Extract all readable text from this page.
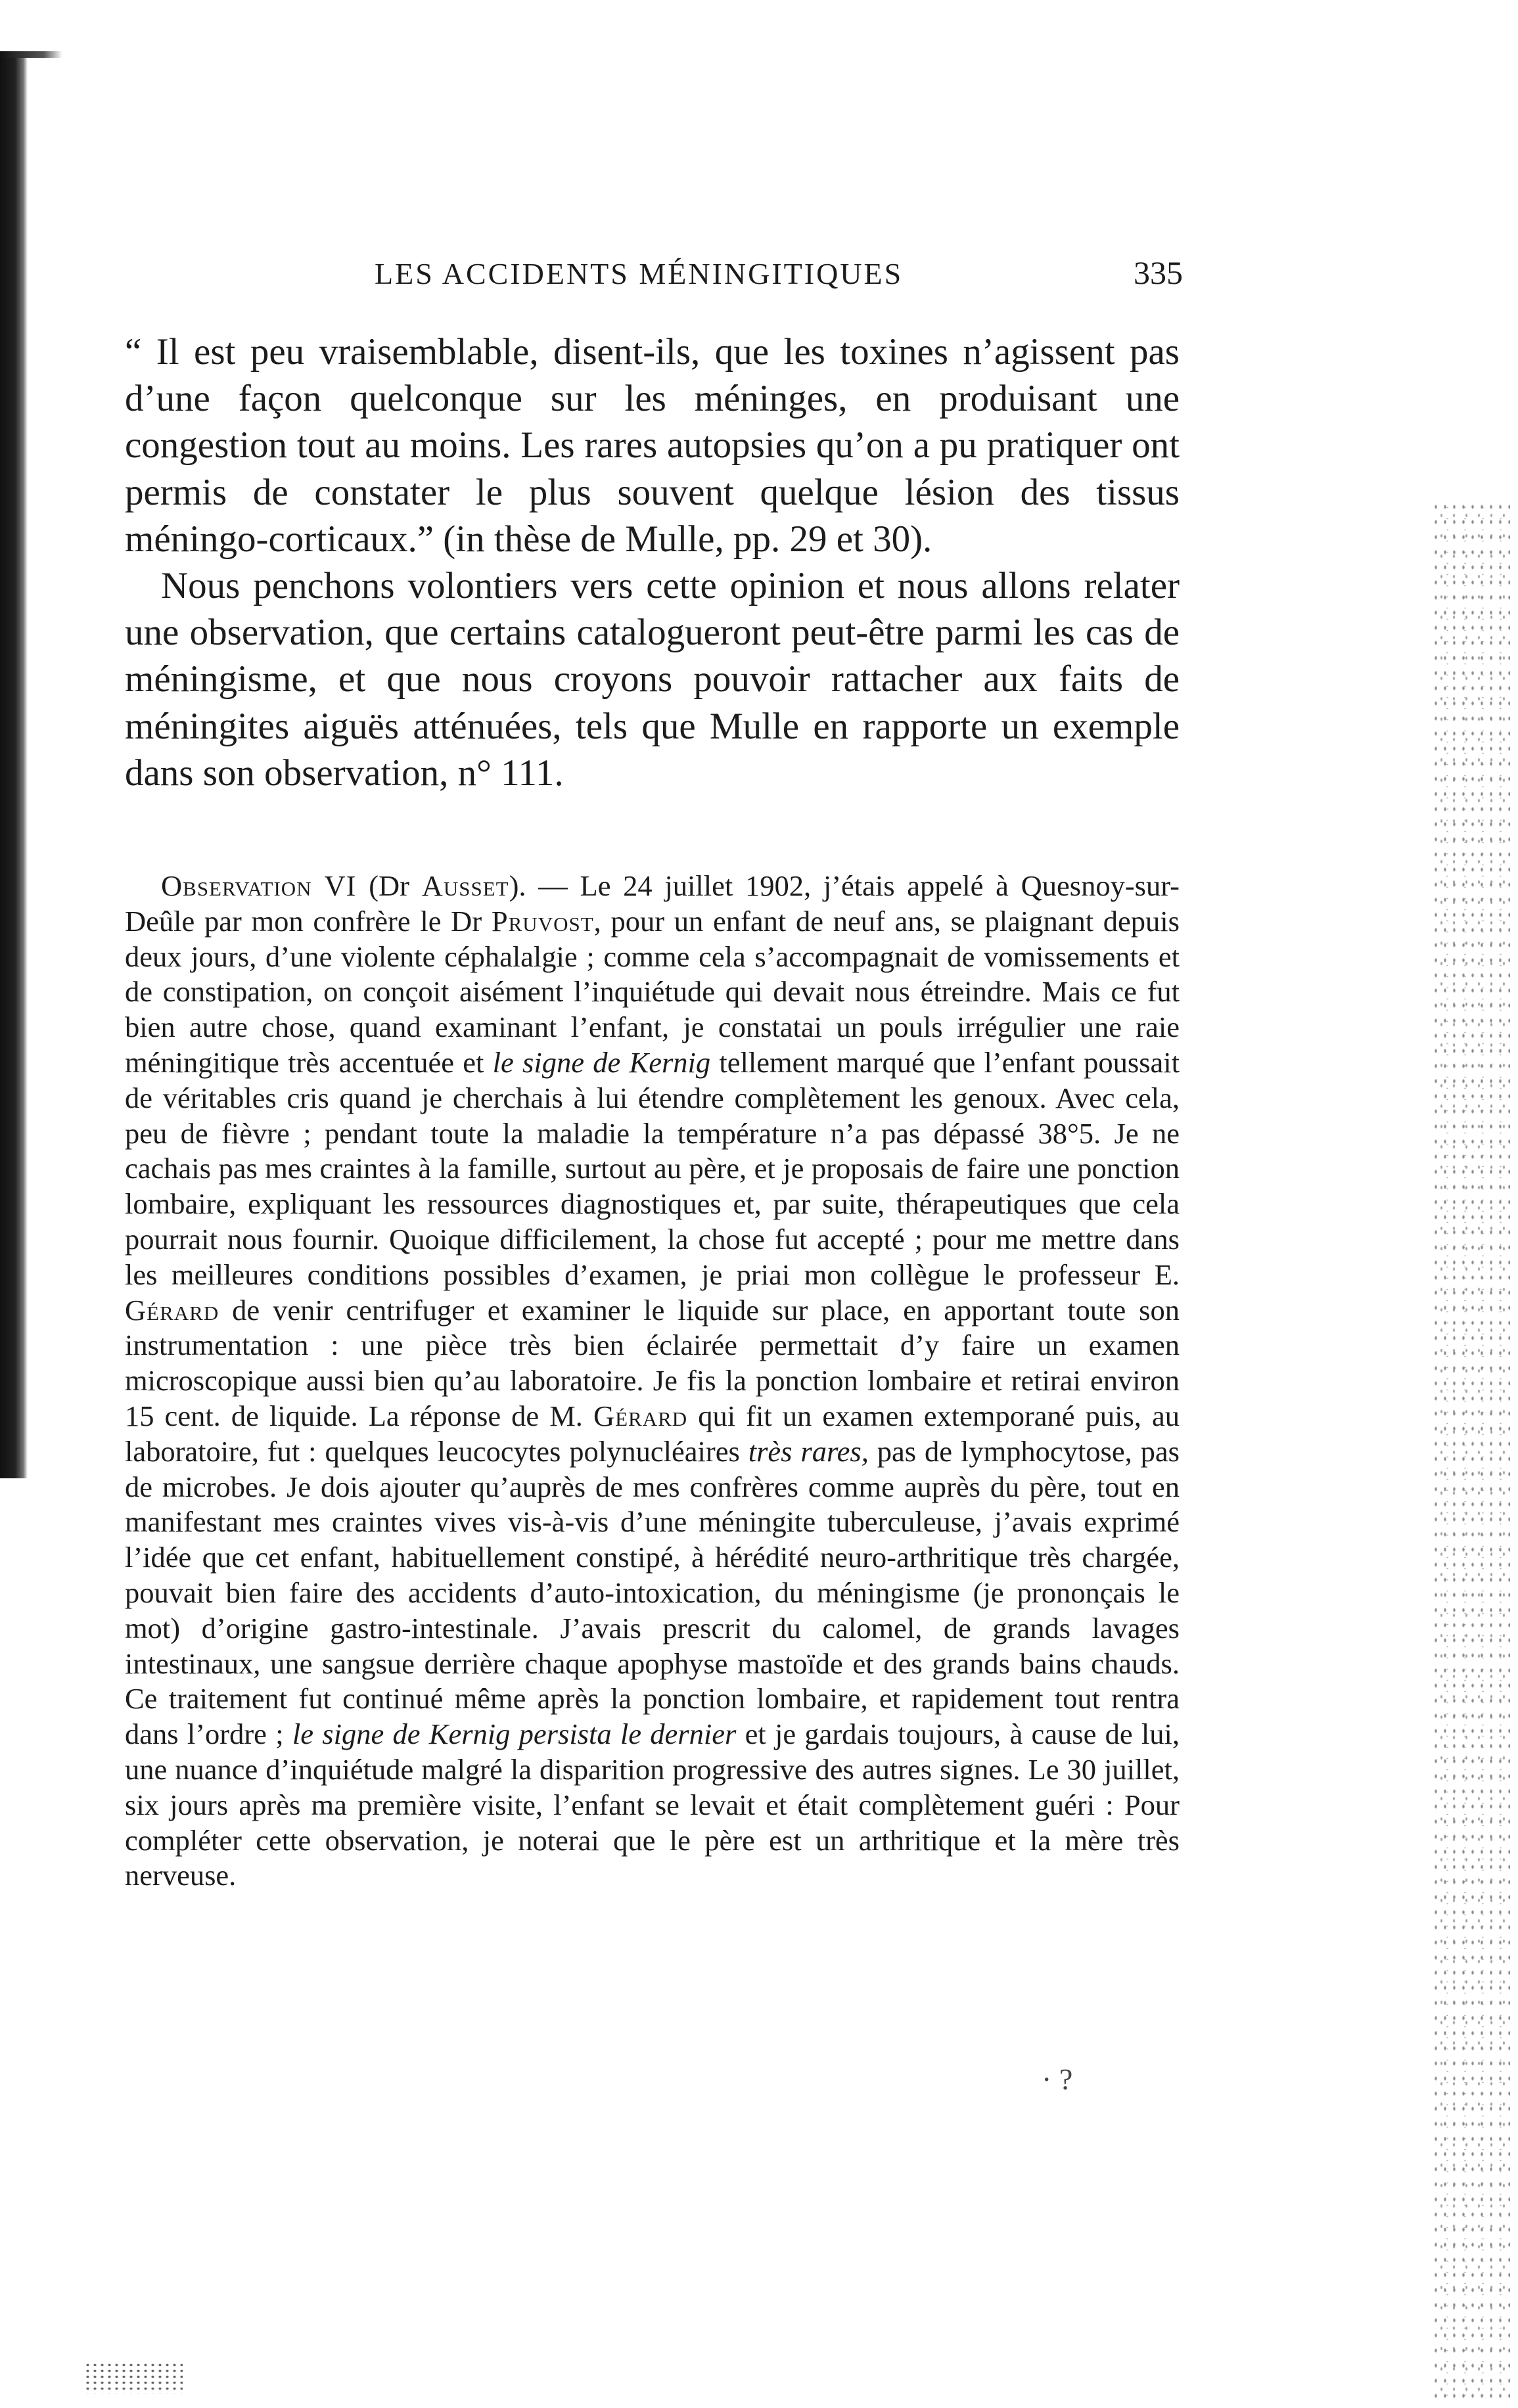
LES ACCIDENTS MÉNINGITIQUES	335

“ Il est peu vraisemblable, disent-ils, que les toxines n’agissent pas d’une façon quelconque sur les méninges, en produisant une congestion tout au moins. Les rares autopsies qu’on a pu pratiquer ont permis de constater le plus souvent quelque lésion des tissus méningo-corticaux.” (in thèse de Mulle, pp. 29 et 30).

Nous penchons volontiers vers cette opinion et nous allons relater une observation, que certains catalogueront peut-être parmi les cas de méningisme, et que nous croyons pouvoir rattacher aux faits de méningites aiguës atténuées, tels que Mulle en rapporte un exemple dans son observation, n° 111.

Observation VI (Dr Ausset). — Le 24 juillet 1902, j’étais appelé à Quesnoy-sur-Deûle par mon confrère le Dr Pruvost, pour un enfant de neuf ans, se plaignant depuis deux jours, d’une violente céphalalgie ; comme cela s’accompagnait de vomissements et de constipation, on conçoit aisément l’inquiétude qui devait nous étreindre. Mais ce fut bien autre chose, quand examinant l’enfant, je constatai un pouls irrégulier une raie méningitique très accentuée et le signe de Kernig tellement marqué que l’enfant poussait de véritables cris quand je cherchais à lui étendre complètement les genoux. Avec cela, peu de fièvre ; pendant toute la maladie la température n’a pas dépassé 38°5. Je ne cachais pas mes craintes à la famille, surtout au père, et je proposais de faire une ponction lombaire, expliquant les ressources diagnostiques et, par suite, thérapeutiques que cela pourrait nous fournir. Quoique difficilement, la chose fut accepté ; pour me mettre dans les meilleures conditions possibles d’examen, je priai mon collègue le professeur E. Gérard de venir centrifuger et examiner le liquide sur place, en apportant toute son instrumentation : une pièce très bien éclairée permettait d’y faire un examen microscopique aussi bien qu’au laboratoire. Je fis la ponction lombaire et retirai environ 15 cent. de liquide. La réponse de M. Gérard qui fit un examen extemporané puis, au laboratoire, fut : quelques leucocytes polynucléaires très rares, pas de lymphocytose, pas de microbes. Je dois ajouter qu’auprès de mes confrères comme auprès du père, tout en manifestant mes craintes vives vis-à-vis d’une méningite tuberculeuse, j’avais exprimé l’idée que cet enfant, habituellement constipé, à hérédité neuro-arthritique très chargée, pouvait bien faire des accidents d’auto-intoxication, du méningisme (je prononçais le mot) d’origine gastro-intestinale. J’avais prescrit du calomel, de grands lavages intestinaux, une sangsue derrière chaque apophyse mastoïde et des grands bains chauds. Ce traitement fut continué même après la ponction lombaire, et rapidement tout rentra dans l’ordre ; le signe de Kernig persista le dernier et je gardais toujours, à cause de lui, une nuance d’inquiétude malgré la disparition progressive des autres signes. Le 30 juillet, six jours après ma première visite, l’enfant se levait et était complètement guéri : Pour compléter cette observation, je noterai que le père est un arthritique et la mère très nerveuse.

· ?
